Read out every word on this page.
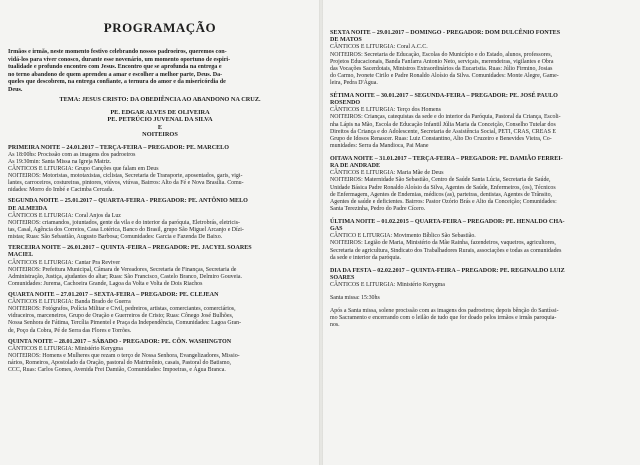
PROGRAMAÇÃO

Irmãos e irmãs, neste momento festivo celebrando nossos padroeiros, queremos con-

vidá-los para viver conosco, durante esse novenário, um momento oportuno de espiri-

tualidade e profundo encontro com Jesus. Encontro que se aprofunda na entrega e

no terno abandono de quem aprendeu a amar e escolher a melhor parte, Deus. Da-

queles que descobrem, na entrega confiante, a ternura do amor e da misericórdia de

Deus.

TEMA: JESUS CRISTO: DA OBEDIÊNCIA AO ABANDONO NA CRUZ.
PE. EDGAR ALVES DE OLIVEIRA
PE. PETRÚCIO JUVENAL DA SILVA
E
NOITEIROS

PRIMEIRA NOITE – 24.01.2017 – TERÇA-FEIRA – PREGADOR: PE. MARCELO

As 18:00hs: Procissão com as imagens dos padroeiros

As 19:30min: Santa Missa na Igreja Matriz.

CÂNTICOS E LITURGIA: Grupo Canções que falam em Deus

NOITEIROS: Motoristas, mototaxistas, ciclistas, Secretaria de Transporte, aposentados, garis, vigi-

lantes, carroceiros, costureiras, pintores, viúvos, viúvas, Bairros: Alto da Fé e Nova Brasília. Comu-

nidades: Morro do Imbé e Cacimba Cercada.

SEGUNDA NOITE – 25.01.2017 – QUARTA-FEIRA - PREGADOR: PE. ANTÔNIO MELO

DE ALMEIDA

CÂNTICOS E LITURGIA: Coral Anjos da Luz

NOITEIROS: criamandos, joiuntados, gente da vila e do interior da paróquia, Eletrobrás, eletricis-

tas, Casal, Agência dos Correios, Casa Lotérica, Banco do Brasil, grupo São Miguel Arcanjo e Dízi-

mistas; Ruas: São Sebastião, Augusto Barbosa; Comunidades: Garcia e Fazenda De Baixo.

TERCEIRA NOITE – 26.01.2017 – QUINTA -FEIRA – PREGADOR: PE. JACYEL SOARES

MACIEL

CÂNTICOS E LITURGIA: Cantar Pra Reviver

NOITEIROS: Prefeitura Municipal, Câmara de Vereadores, Secretaria de Finanças, Secretaria de

Administração, Justiça, ajudantes do altar; Ruas: São Francisco, Castelo Branco, Delmiro Gouveia.

Comunidades: Jurema, Cachoeira Grande, Lagoa da Volta e Volta de Dois Riachos

QUARTA NOITE – 27.01.2017 – SEXTA-FEIRA – PREGADOR: PE. CLEJEAN

CÂNTICOS E LITURGIA: Banda Brado de Guerra

NOITEIROS: Fotógrafos, Polícia Militar e Civil, pedreiros, artistas, comerciantes, comerciários,

vidraceiros, marceneiros, Grupo de Oração e Guerreiros de Cristo; Ruas: Cônego José Bulhões,

Nossa Senhora de Fátima, Tercília Pimentel e Praça da Independência, Comunidades: Lagoa Gran-

de, Poço da Cobra, Pé de Serra das Flores e Torrões.

QUINTA NOITE – 28.01.2017 – SÁBADO - PREGADOR: PE. CÔN. WASHINGTON

CÂNTICOS E LITURGIA: Ministério Kerygma

NOITEIROS: Homens e Mulheres que rezam o terço de Nossa Senhora, Evangelizadores, Missio-

nários, Romeiros, Apostolado da Oração, pastoral do Matrimônio, casais, Pastoral do Batismo,

CCC, Ruas: Carlos Gomes, Avenida Frei Damião, Comunidades: Impoeiras, e Água Branca.

SEXTA NOITE – 29.01.2017 – DOMINGO - PREGADOR: DOM DULCÊNIO FONTES

DE MATOS

CÂNTICOS E LITURGIA: Coral A.C.C.

NOITEIROS: Secretaria de Educação, Escolas do Município e do Estado, alunos, professores,

Projetos Educacionais, Banda Fanfarra Antonio Neto, serviçais, merendeiras, vigilantes e Obra

das Vocações Sacerdotais, Ministros Extraordinários da Eucaristia. Ruas: Júlio Firmino, Josias

do Carmo, Ivonete Cirilo e Padre Ronaldo Aloísio da Silva. Comunidades: Monte Alegre, Game-

leira, Pedra D'Água.

SÉTIMA NOITE – 30.01.2017 – SEGUNDA-FEIRA – PREGADOR: PE. JOSÉ PAULO

ROSENDO

CÂNTICOS E LITURGIA: Terço dos Homens

NOITEIROS: Crianças, catequistas da sede e do interior da Paróquia, Pastoral da Criança, Escoli-

nha Lápis na Mão, Escola de Educação Infantil Júlia Maria da Conceição, Conselho Tutelar dos

Direitos da Criança e do Adolescente, Secretaria de Assistência Social, PETI, CRAS, CREAS E

Grupo de Idosos Renascer. Ruas: Luiz Constantino, Alto Do Cruzeiro e Benevides Vieira, Co-

munidades: Serra da Mandioca, Pai Mane

OITAVA NOITE – 31.01.2017 – TERÇA-FEIRA – PREGADOR: PE. DAMIÃO FERREI-

RA DE ANDRADE

CÂNTICOS E LITURGIA: Maria Mãe de Deus

NOITEIROS: Maternidade São Sebastião, Centro de Saúde Santa Lúcia, Secretaria de Saúde,

Unidade Básica Padre Ronaldo Aloísio da Silva, Agentes de Saúde, Enfermeiros, (os), Técnicos

de Enfermagem, Agentes de Endemias, médicos (as), parteiras, dentistas, Agentes de Trânsito,

Agentes de saúde e deficientes. Bairros: Pastor Ozório Brás e Alto da Conceição; Comunidades:

Santa Terezinha, Pedro do Padre Cícero.

ÚLTIMA NOITE – 01.02.2015 – QUARTA-FEIRA – PREGADOR: PE. HENALDO CHA-

GAS

CÂNTICO E LITURGIA: Movimento Bíblico São Sebastião.

NOITEIROS: Legião de Maria, Ministério da Mãe Rainha, fazendeiros, vaqueiros, agricultores,

Secretaria de agricultura, Sindicato dos Trabalhadores Rurais, associações e todas as comunidades

da sede e interior da paróquia.

DIA DA FESTA – 02.02.2017 – QUINTA-FEIRA – PREGADOR: PE. REGINALDO LUIZ

SOARES

CÂNTICOS E LITURGIA: Ministério Kerygma

Santa missa: 15:30hs

Após a Santa missa, solene procissão com as imagens dos padroeiros; depois bênção do Santíssi-

mo Sacramento e encerrando com o leilão de tudo que for doado pelos irmãos e irmãs paroquia-

nos.
